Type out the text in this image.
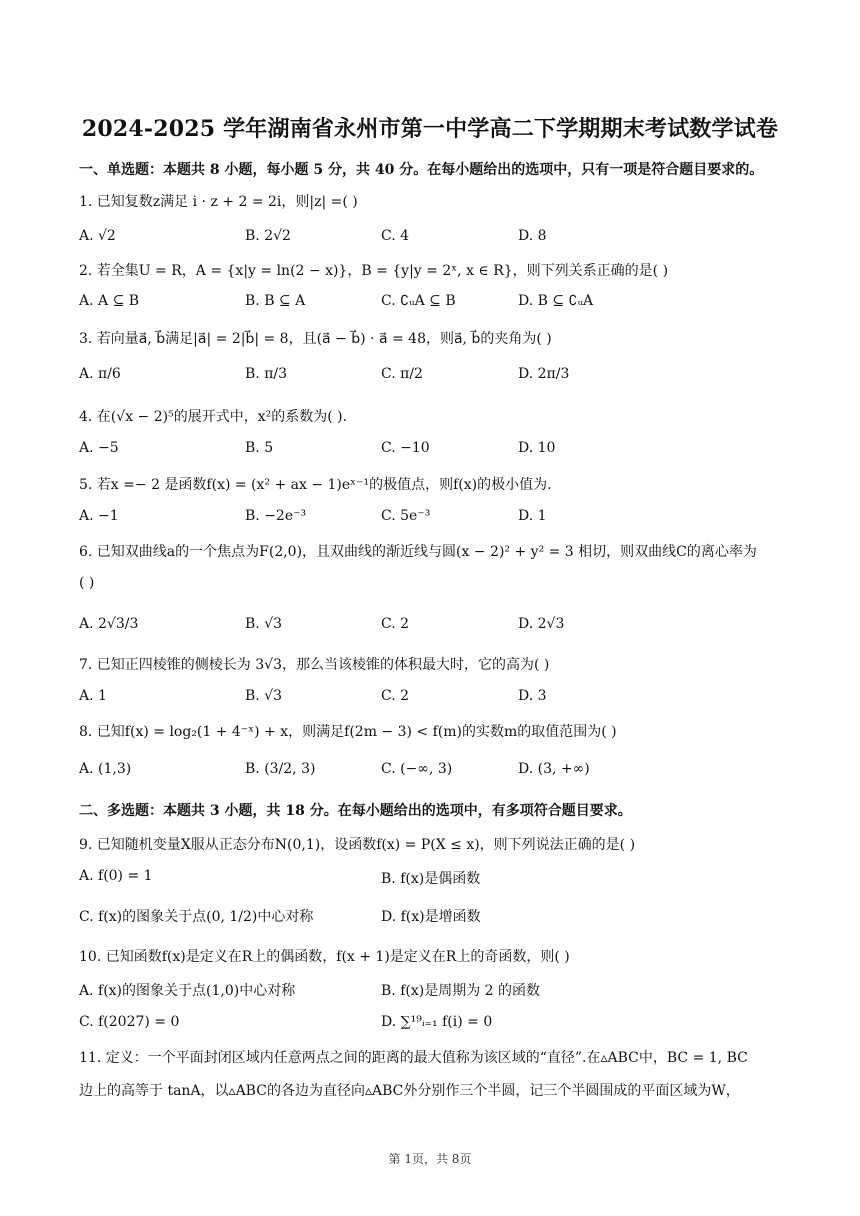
2024-2025 学年湖南省永州市第一中学高二下学期期末考试数学试卷
一、单选题：本题共 8 小题，每小题 5 分，共 40 分。在每小题给出的选项中，只有一项是符合题目要求的。
1. 已知复数z满足 i · z + 2 = 2i，则|z| =( )
A. √2	B. 2√2	C. 4	D. 8
2. 若全集U = R，A = {x|y = ln(2 − x)}，B = {y|y = 2ˣ, x ∈ R}，则下列关系正确的是( )
A. A ⊆ B	B. B ⊆ A	C. ∁ᵤA ⊆ B	D. B ⊆ ∁ᵤA
3. 若向量a⃗, b⃗满足|a⃗| = 2|b⃗| = 8，且(a⃗ − b⃗) · a⃗ = 48，则a⃗, b⃗的夹角为( )
A. π/6	B. π/3	C. π/2	D. 2π/3
4. 在(√x − 2)⁵的展开式中，x²的系数为( ).
A. −5	B. 5	C. −10	D. 10
5. 若x =− 2 是函数f(x) = (x² + ax − 1)eˣ⁻¹的极值点，则f(x)的极小值为.
A. −1	B. −2e⁻³	C. 5e⁻³	D. 1
6. 已知双曲线a的一个焦点为F(2,0)，且双曲线的渐近线与圆(x − 2)² + y² = 3 相切，则双曲线C的离心率为
( )
A. 2√3/3	B. √3	C. 2	D. 2√3
7. 已知正四棱锥的侧棱长为 3√3，那么当该棱锥的体积最大时，它的高为( )
A. 1	B. √3	C. 2	D. 3
8. 已知f(x) = log₂(1 + 4⁻ˣ) + x，则满足f(2m − 3) < f(m)的实数m的取值范围为( )
A. (1,3)	B. (3/2, 3)	C. (−∞, 3)	D. (3, +∞)
二、多选题：本题共 3 小题，共 18 分。在每小题给出的选项中，有多项符合题目要求。
9. 已知随机变量X服从正态分布N(0,1)，设函数f(x) = P(X ≤ x)，则下列说法正确的是( )
A. f(0) = 1	B. f(x)是偶函数
C. f(x)的图象关于点(0, 1/2)中心对称	D. f(x)是增函数
10. 已知函数f(x)是定义在R上的偶函数，f(x + 1)是定义在R上的奇函数，则( )
A. f(x)的图象关于点(1,0)中心对称	B. f(x)是周期为 2 的函数
C. f(2027) = 0	D. ∑¹⁹ᵢ₌₁ f(i) = 0
11. 定义：一个平面封闭区域内任意两点之间的距离的最大值称为该区域的“直径”.在▵ABC中，BC = 1, BC
边上的高等于 tanA，以▵ABC的各边为直径向▵ABC外分别作三个半圆，记三个半圆围成的平面区域为W，
第 1页，共 8页
